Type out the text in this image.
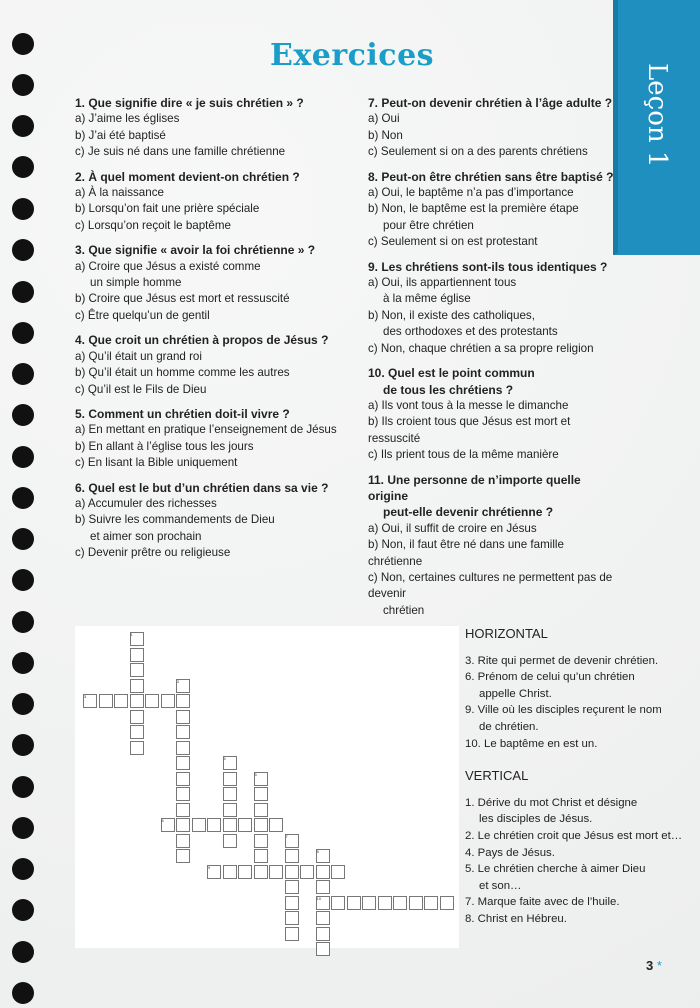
Exercices
Leçon 1
1. Que signifie dire « je suis chrétien » ?
a) J’aime les églises
b) J’ai été baptisé
c) Je suis né dans une famille chrétienne
2. À quel moment devient-on chrétien ?
a) À la naissance
b) Lorsqu’on fait une prière spéciale
c) Lorsqu’on reçoit le baptême
3. Que signifie « avoir la foi chrétienne » ?
a) Croire que Jésus a existé comme
un simple homme
b) Croire que Jésus est mort et ressuscité
c) Être quelqu’un de gentil
4. Que croit un chrétien à propos de Jésus ?
a) Qu’il était un grand roi
b) Qu’il était un homme comme les autres
c) Qu’il est le Fils de Dieu
5. Comment un chrétien doit-il vivre ?
a) En mettant en pratique l’enseignement de Jésus
b) En allant à l’église tous les jours
c) En lisant la Bible uniquement
6. Quel est le but d’un chrétien dans sa vie ?
a) Accumuler des richesses
b) Suivre les commandements de Dieu
et aimer son prochain
c) Devenir prêtre ou religieuse
7. Peut-on devenir chrétien à l’âge adulte ?
a) Oui
b) Non
c) Seulement si on a des parents chrétiens
8. Peut-on être chrétien sans être baptisé ?
a) Oui, le baptême n’a pas d’importance
b) Non, le baptême est la première étape
pour être chrétien
c) Seulement si on est protestant
9. Les chrétiens sont-ils tous identiques ?
a) Oui, ils appartiennent tous
à la même église
b) Non, il existe des catholiques,
des orthodoxes et des protestants
c) Non, chaque chrétien a sa propre religion
10. Quel est le point commun
de tous les chrétiens ?
a) Ils vont tous à la messe le dimanche
b) Ils croient tous que Jésus est mort et ressuscité
c) Ils prient tous de la même manière
11. Une personne de n’importe quelle origine
peut-elle devenir chrétienne ?
a) Oui, il suffit de croire en Jésus
b) Non, il faut être né dans une famille chrétienne
c) Non, certaines cultures ne permettent pas de devenir
chrétien
1
2
3
4
5
6
7
8
9
10
HORIZONTAL
3. Rite qui permet de devenir chrétien.
6. Prénom de celui qu’un chrétien
appelle Christ.
9. Ville où les disciples reçurent le nom
de chrétien.
10. Le baptême en est un.
VERTICAL
1. Dérive du mot Christ et désigne
les disciples de Jésus.
2. Le chrétien croit que Jésus est mort et…
4. Pays de Jésus.
5. Le chrétien cherche à aimer Dieu
et son…
7. Marque faite avec de l’huile.
8. Christ en Hébreu.
3 *
